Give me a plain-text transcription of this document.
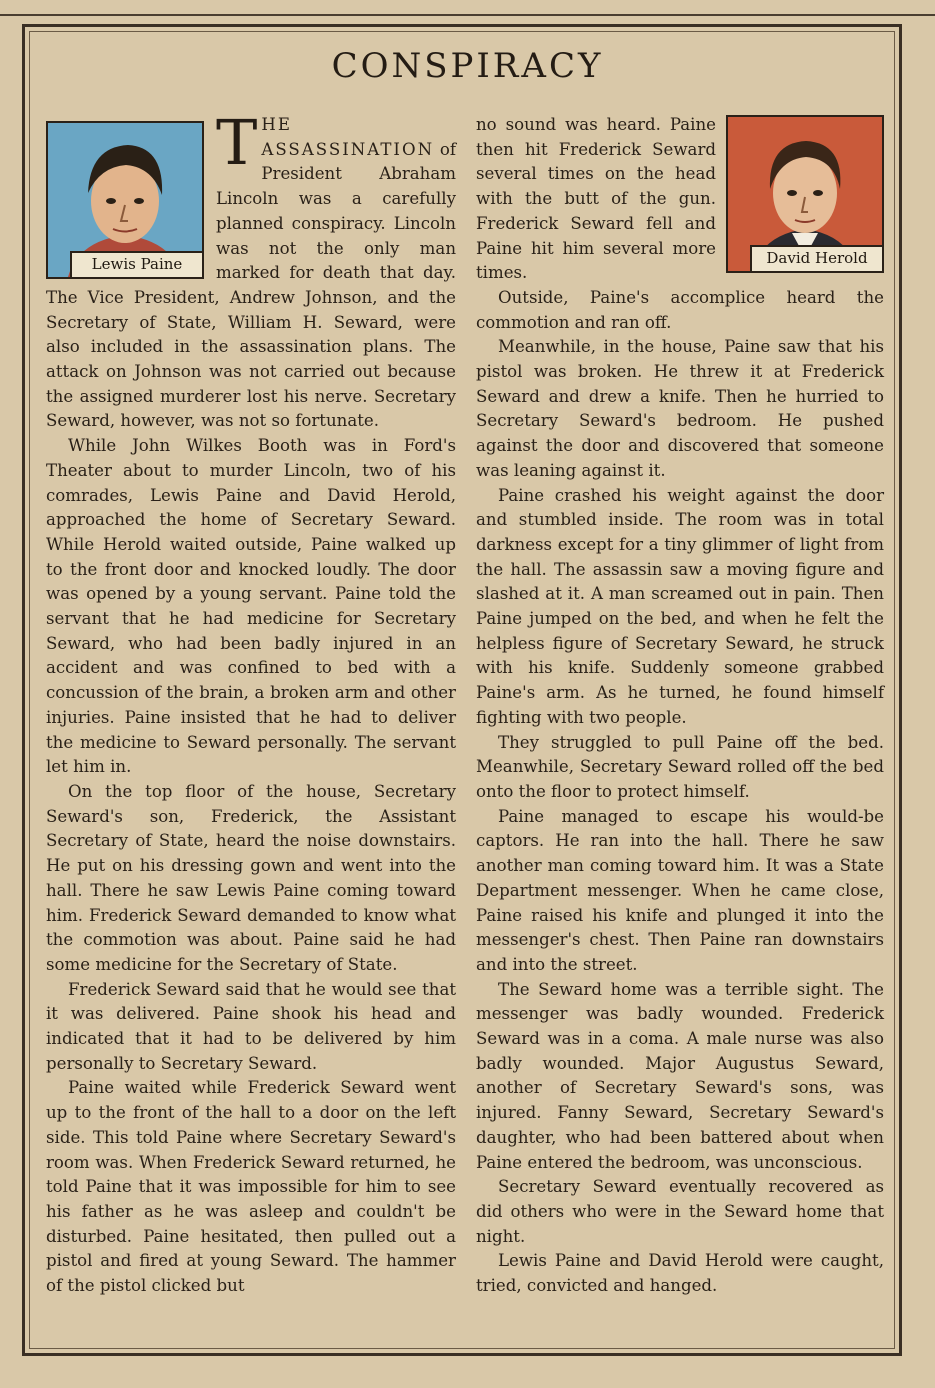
CONSPIRACY
Lewis Paine

THE ASSASSINATION of President Abraham Lincoln was a carefully planned conspiracy. Lincoln was not the only man marked for death that day. The Vice President, Andrew Johnson, and the Secretary of State, William H. Seward, were also included in the assassination plans. The attack on Johnson was not carried out because the assigned murderer lost his nerve. Secretary Seward, however, was not so fortunate.

While John Wilkes Booth was in Ford's Theater about to murder Lincoln, two of his comrades, Lewis Paine and David Herold, approached the home of Secretary Seward. While Herold waited outside, Paine walked up to the front door and knocked loudly. The door was opened by a young servant. Paine told the servant that he had medicine for Secretary Seward, who had been badly injured in an accident and was confined to bed with a concussion of the brain, a broken arm and other injuries. Paine insisted that he had to deliver the medicine to Seward personally. The servant let him in.

On the top floor of the house, Secretary Seward's son, Frederick, the Assistant Secretary of State, heard the noise downstairs. He put on his dressing gown and went into the hall. There he saw Lewis Paine coming toward him. Frederick Seward demanded to know what the commotion was about. Paine said he had some medicine for the Secretary of State.

Frederick Seward said that he would see that it was delivered. Paine shook his head and indicated that it had to be delivered by him personally to Secretary Seward.

Paine waited while Frederick Seward went up to the front of the hall to a door on the left side. This told Paine where Secretary Seward's room was. When Frederick Seward returned, he told Paine that it was impossible for him to see his father as he was asleep and couldn't be disturbed. Paine hesitated, then pulled out a pistol and fired at young Seward. The hammer of the pistol clicked but

David Herold

no sound was heard. Paine then hit Frederick Seward several times on the head with the butt of the gun. Frederick Seward fell and Paine hit him several more times.

Outside, Paine's accomplice heard the commotion and ran off.

Meanwhile, in the house, Paine saw that his pistol was broken. He threw it at Frederick Seward and drew a knife. Then he hurried to Secretary Seward's bedroom. He pushed against the door and discovered that someone was leaning against it.

Paine crashed his weight against the door and stumbled inside. The room was in total darkness except for a tiny glimmer of light from the hall. The assassin saw a moving figure and slashed at it. A man screamed out in pain. Then Paine jumped on the bed, and when he felt the helpless figure of Secretary Seward, he struck with his knife. Suddenly someone grabbed Paine's arm. As he turned, he found himself fighting with two people.

They struggled to pull Paine off the bed. Meanwhile, Secretary Seward rolled off the bed onto the floor to protect himself.

Paine managed to escape his would-be captors. He ran into the hall. There he saw another man coming toward him. It was a State Department messenger. When he came close, Paine raised his knife and plunged it into the messenger's chest. Then Paine ran downstairs and into the street.

The Seward home was a terrible sight. The messenger was badly wounded. Frederick Seward was in a coma. A male nurse was also badly wounded. Major Augustus Seward, another of Secretary Seward's sons, was injured. Fanny Seward, Secretary Seward's daughter, who had been battered about when Paine entered the bedroom, was unconscious.

Secretary Seward eventually recovered as did others who were in the Seward home that night.

Lewis Paine and David Herold were caught, tried, convicted and hanged.
